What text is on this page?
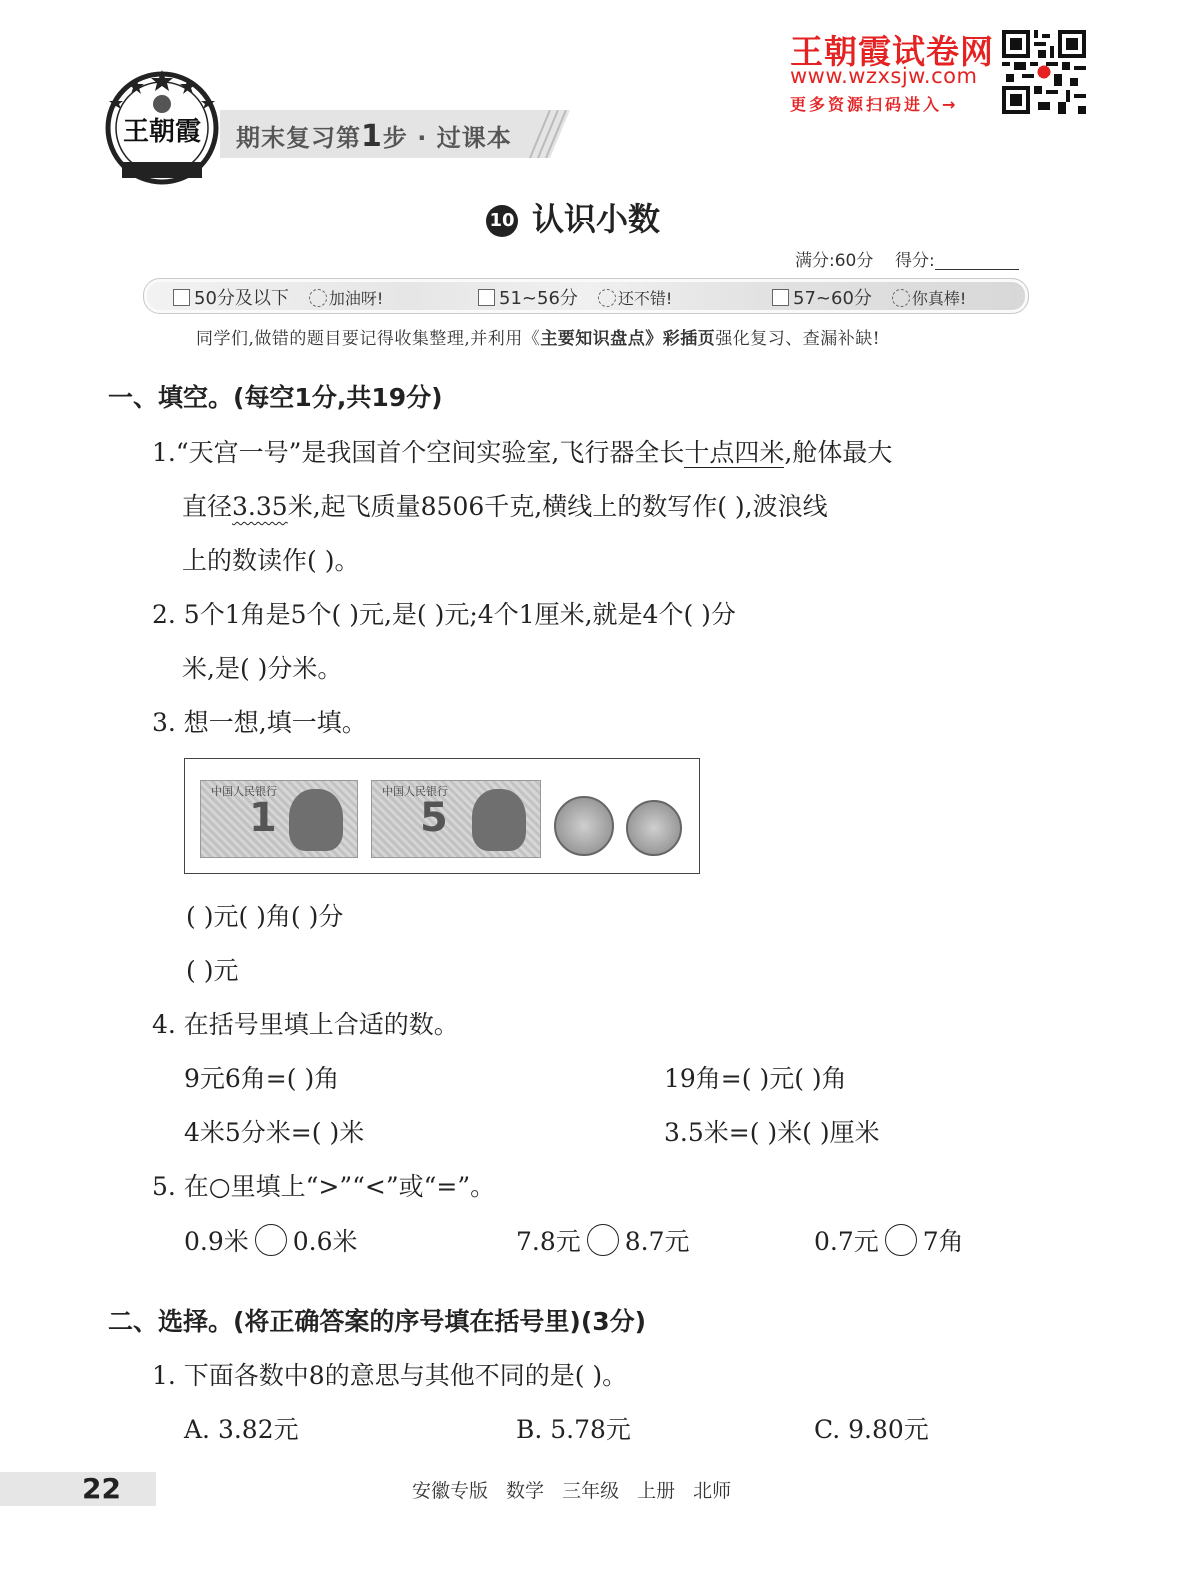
王朝霞 期末复习第1步 · 过课本
王朝霞试卷网
www.wzxsjw.com
更多资源扫码进入→
10 认识小数
满分:60分 得分:
50分及以下	加油呀!	51~56分	还不错!	57~60分	你真棒!
同学们,做错的题目要记得收集整理,并利用《主要知识盘点》彩插页强化复习、查漏补缺!
一、填空。(每空1分,共19分)
1.“天宫一号”是我国首个空间实验室,飞行器全长十点四米,舱体最大
直径3.35米,起飞质量8506千克,横线上的数写作( ),波浪线
上的数读作( )。
2. 5个1角是5个( )元,是( )元;4个1厘米,就是4个( )分
米,是( )分米。
3. 想一想,填一填。
中国人民银行
1
中国人民银行
5
( )元( )角( )分
( )元
4. 在括号里填上合适的数。
9元6角=( )角	19角=( )元( )角
4米5分米=( )米	3.5米=( )米( )厘米
5. 在○里填上“>”“<”或“=”。
0.9米 0.6米	7.8元 8.7元	0.7元 7角
二、选择。(将正确答案的序号填在括号里)(3分)
1. 下面各数中8的意思与其他不同的是( )。
A. 3.82元	B. 5.78元	C. 9.80元
22	安徽专版 数学 三年级 上册 北师
